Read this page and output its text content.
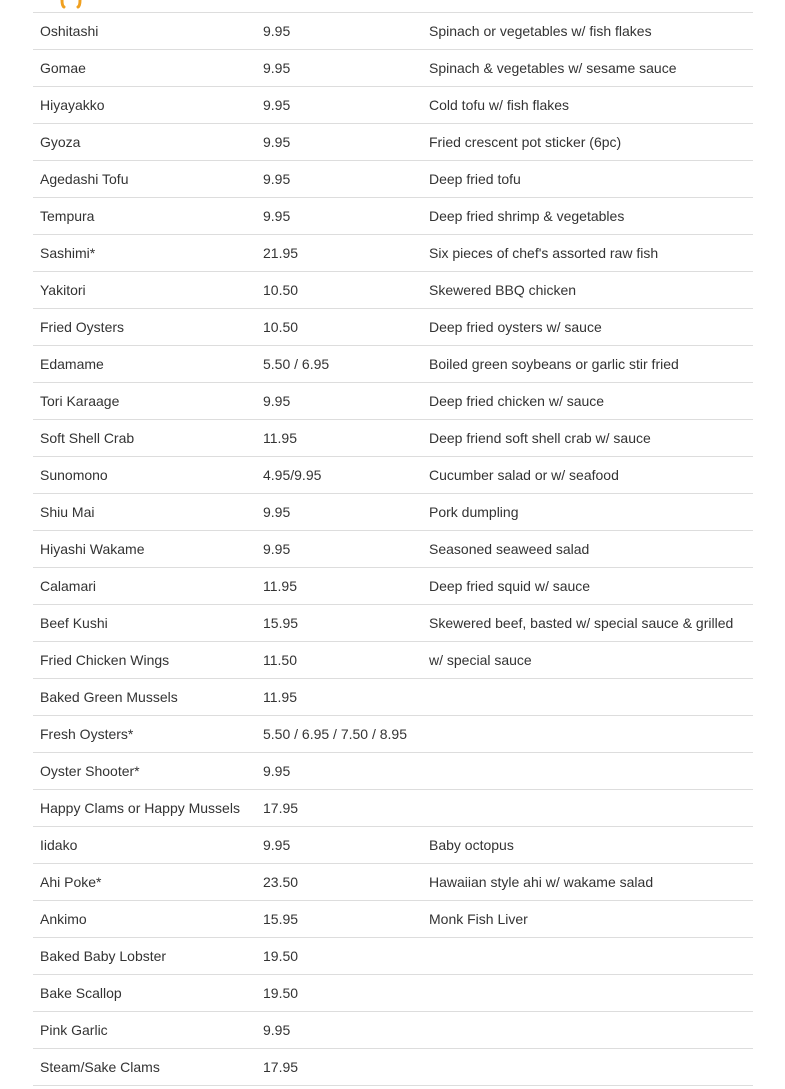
Oshitashi	9.95	Spinach or vegetables w/ fish flakes
Gomae	9.95	Spinach & vegetables w/ sesame sauce
Hiyayakko	9.95	Cold tofu w/ fish flakes
Gyoza	9.95	Fried crescent pot sticker (6pc)
Agedashi Tofu	9.95	Deep fried tofu
Tempura	9.95	Deep fried shrimp & vegetables
Sashimi*	21.95	Six pieces of chef's assorted raw fish
Yakitori	10.50	Skewered BBQ chicken
Fried Oysters	10.50	Deep fried oysters w/ sauce
Edamame	5.50 / 6.95	Boiled green soybeans or garlic stir fried
Tori Karaage	9.95	Deep fried chicken w/ sauce
Soft Shell Crab	11.95	Deep friend soft shell crab w/ sauce
Sunomono	4.95/9.95	Cucumber salad or w/ seafood
Shiu Mai	9.95	Pork dumpling
Hiyashi Wakame	9.95	Seasoned seaweed salad
Calamari	11.95	Deep fried squid w/ sauce
Beef Kushi	15.95	Skewered beef, basted w/ special sauce & grilled
Fried Chicken Wings	11.50	w/ special sauce
Baked Green Mussels	11.95	
Fresh Oysters*	5.50 / 6.95 / 7.50 / 8.95	
Oyster Shooter*	9.95	
Happy Clams or Happy Mussels	17.95	
Iidako	9.95	Baby octopus
Ahi Poke*	23.50	Hawaiian style ahi w/ wakame salad
Ankimo	15.95	Monk Fish Liver
Baked Baby Lobster	19.50	
Bake Scallop	19.50	
Pink Garlic	9.95	
Steam/Sake Clams	17.95	
